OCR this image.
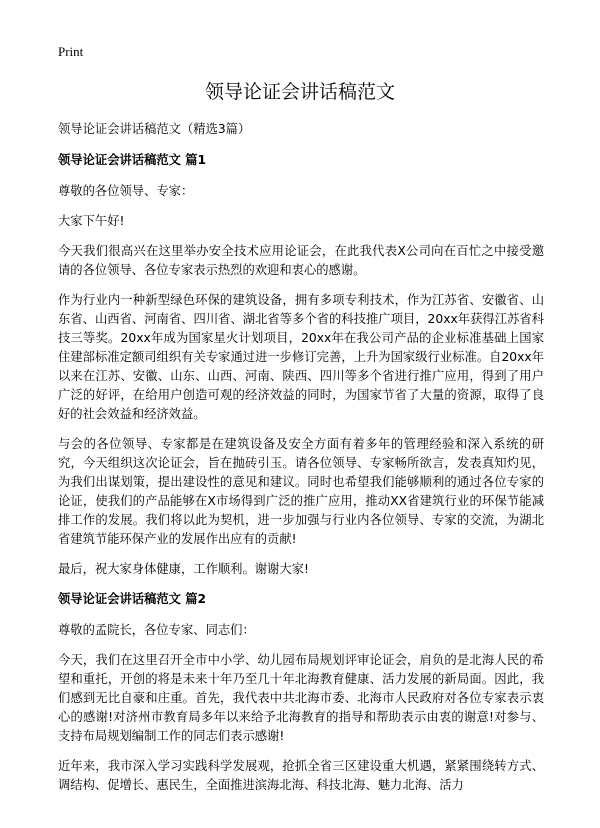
Print
领导论证会讲话稿范文

领导论证会讲话稿范文（精选3篇）

领导论证会讲话稿范文 篇1

尊敬的各位领导、专家：

大家下午好!

今天我们很高兴在这里举办安全技术应用论证会，在此我代表X公司向在百忙之中接受邀请的各位领导、各位专家表示热烈的欢迎和衷心的感谢。

作为行业内一种新型绿色环保的建筑设备，拥有多项专利技术，作为江苏省、安徽省、山东省、山西省、河南省、四川省、湖北省等多个省的科技推广项目，20xx年获得江苏省科技三等奖。20xx年成为国家星火计划项目，20xx年在我公司产品的企业标准基础上国家住建部标准定额司组织有关专家通过进一步修订完善，上升为国家级行业标准。自20xx年以来在江苏、安徽、山东、山西、河南、陕西、四川等多个省进行推广应用，得到了用户广泛的好评，在给用户创造可观的经济效益的同时，为国家节省了大量的资源，取得了良好的社会效益和经济效益。

与会的各位领导、专家都是在建筑设备及安全方面有着多年的管理经验和深入系统的研究，今天组织这次论证会，旨在抛砖引玉。请各位领导、专家畅所欲言，发表真知灼见，为我们出谋划策，提出建设性的意见和建议。同时也希望我们能够顺利的通过各位专家的论证，使我们的产品能够在X市场得到广泛的推广应用，推动XX省建筑行业的环保节能减排工作的发展。我们将以此为契机，进一步加强与行业内各位领导、专家的交流，为湖北省建筑节能环保产业的发展作出应有的贡献!

最后，祝大家身体健康，工作顺利。谢谢大家!

领导论证会讲话稿范文 篇2

尊敬的孟院长，各位专家、同志们：

今天，我们在这里召开全市中小学、幼儿园布局规划评审论证会，肩负的是北海人民的希望和重托，开创的将是未来十年乃至几十年北海教育健康、活力发展的新局面。因此，我们感到无比自豪和庄重。首先，我代表中共北海市委、北海市人民政府对各位专家表示衷心的感谢!对济州市教育局多年以来给予北海教育的指导和帮助表示由衷的谢意!对参与、支持布局规划编制工作的同志们表示感谢!

近年来，我市深入学习实践科学发展观，抢抓全省三区建设重大机遇，紧紧围绕转方式、调结构、促增长、惠民生，全面推进滨海北海、科技北海、魅力北海、活力
